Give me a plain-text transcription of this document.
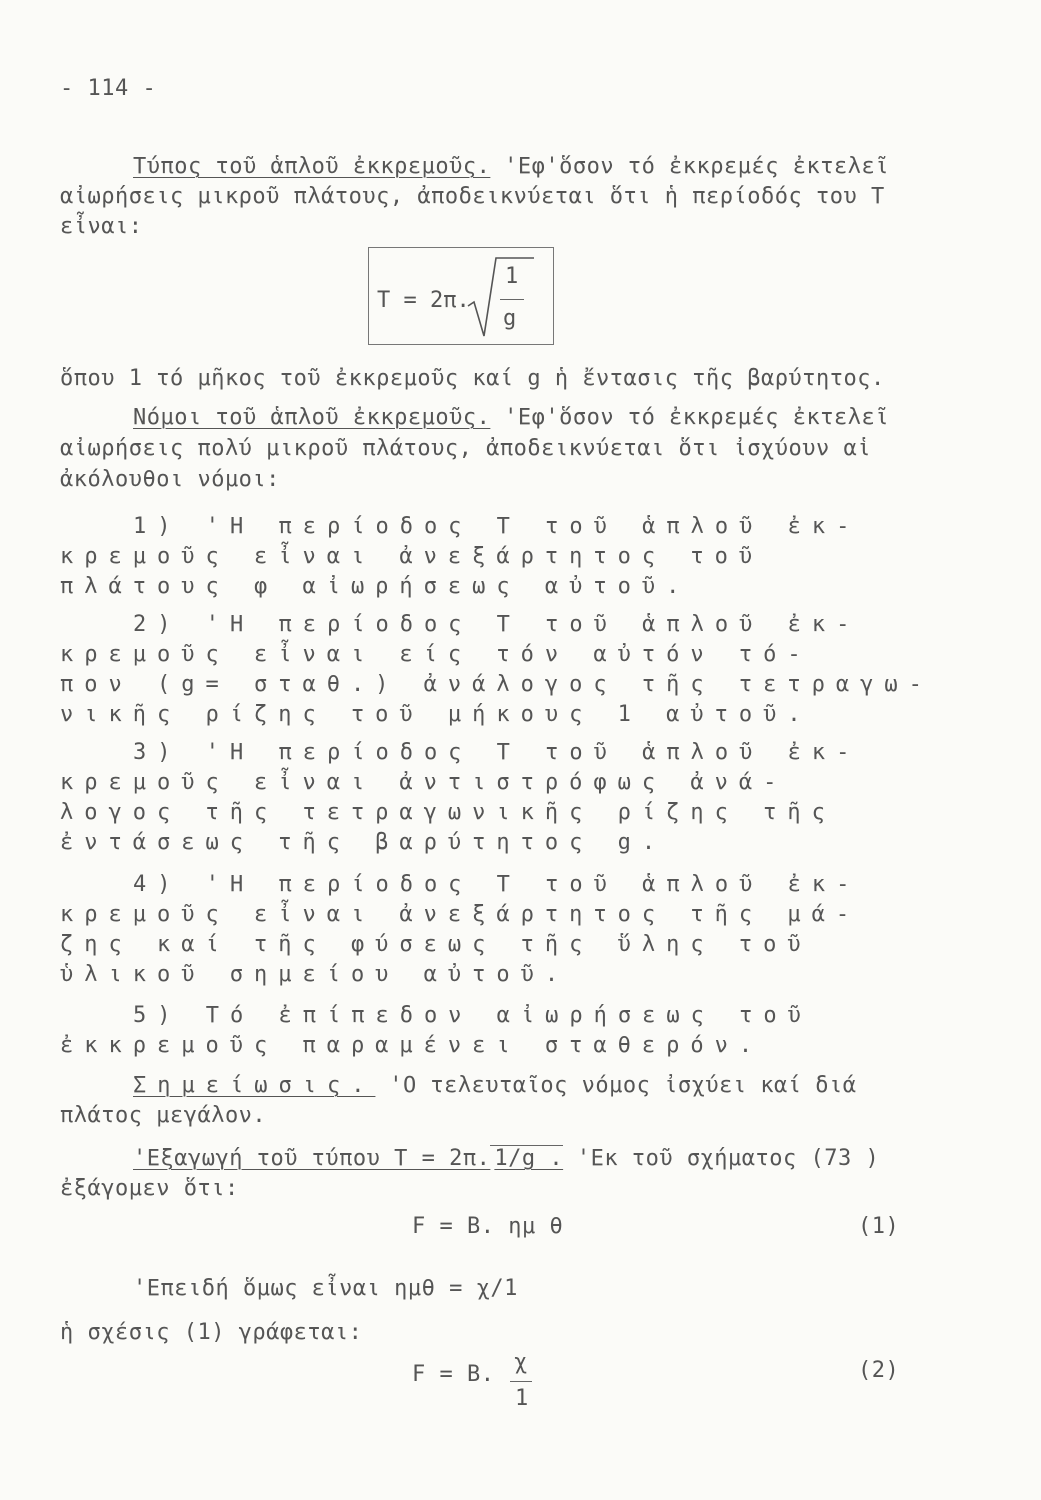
- 114 -
Τύπος τοῦ ἁπλοῦ ἐκκρεμοῦς. 'Εφ'ὅσον τό ἐκκρεμές ἐκτελεῖ
αἰωρήσεις μικροῦ πλάτους, ἀποδεικνύεται ὅτι ἡ περίοδός του Τ
εἶναι:
T = 2π.
1
g
ὅπου 1 τό μῆκος τοῦ ἐκκρεμοῦς καί g ἡ ἔντασις τῆς βαρύτητος.
Νόμοι τοῦ ἁπλοῦ ἐκκρεμοῦς. 'Εφ'ὅσον τό ἐκκρεμές ἐκτελεῖ
αἰωρήσεις πολύ μικροῦ πλάτους, ἀποδεικνύεται ὅτι ἰσχύουν αἱ
ἀκόλουθοι νόμοι:
1) 'Η περίοδος Τ τοῦ ἁπλοῦ ἐκ-
κρεμοῦς εἶναι ἀνεξάρτητος τοῦ
πλάτους φ αἰωρήσεως αὐτοῦ.
2) 'Η περίοδος Τ τοῦ ἁπλοῦ ἐκ-
κρεμοῦς εἶναι είς τόν αὐτόν τό-
πον (g= σταθ.) ἀνάλογος τῆς τετραγω-
νικῆς ρίζης τοῦ μήκους 1 αὐτοῦ.
3) 'Η περίοδος Τ τοῦ ἁπλοῦ ἐκ-
κρεμοῦς εἶναι ἀντιστρόφως ἀνά-
λογος τῆς τετραγωνικῆς ρίζης τῆς
ἐντάσεως τῆς βαρύτητος g.
4) 'Η περίοδος Τ τοῦ ἁπλοῦ ἐκ-
κρεμοῦς εἶναι ἀνεξάρτητος τῆς μά-
ζης καί τῆς φύσεως τῆς ὕλης τοῦ
ὑλικοῦ σημείου αὐτοῦ.
5) Τό ἐπίπεδον αἰωρήσεως τοῦ
ἐκκρεμοῦς παραμένει σταθερόν.
Σημείωσις. 'Ο τελευταῖος νόμος ἰσχύει καί διά
πλάτος μεγάλον.
'Εξαγωγή τοῦ τύπου Τ = 2π. 1/g . 'Εκ τοῦ σχήματος (73 )
ἐξάγομεν ὅτι:
F = B. ημ θ	(1)
'Επειδή ὅμως εἶναι ημθ = χ/1
ἡ σχέσις (1) γράφεται:
F = B. χ
1
(2)
